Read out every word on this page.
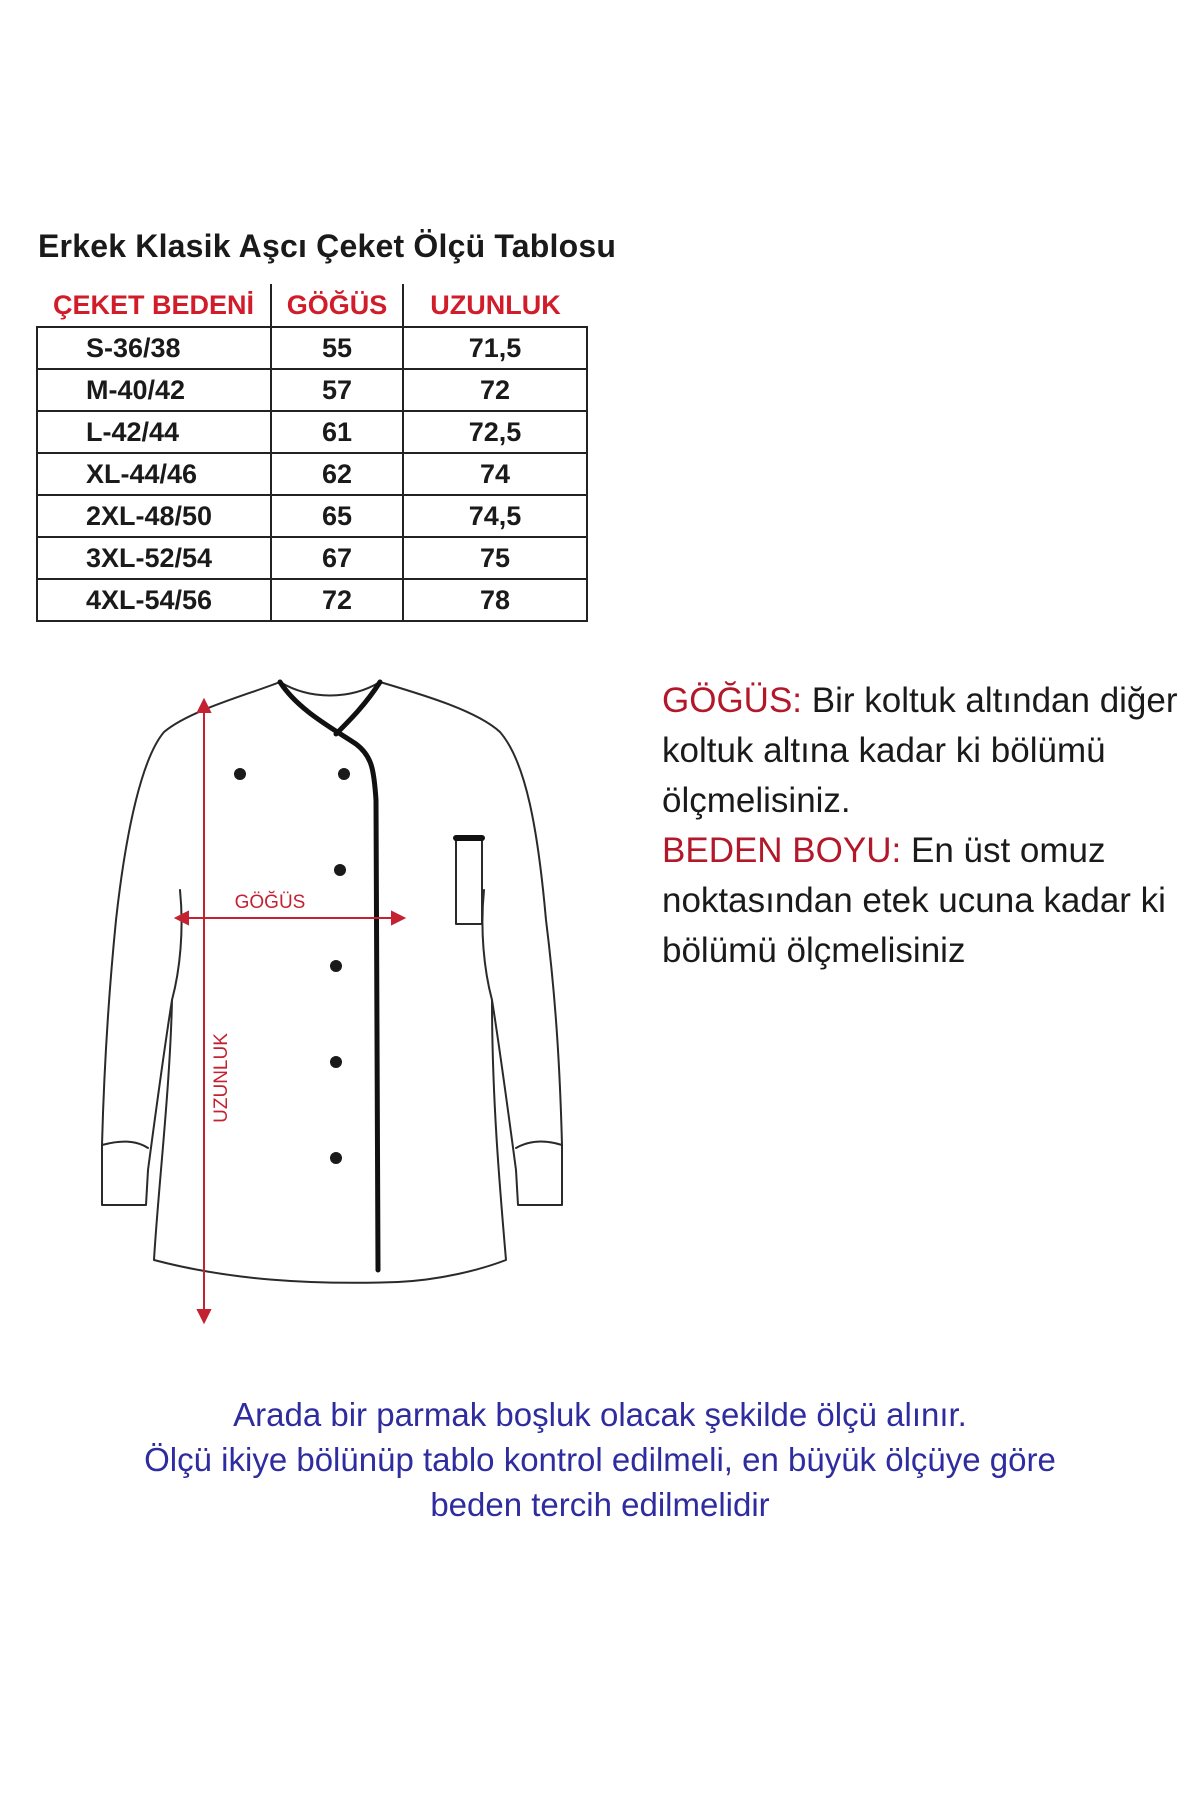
Erkek Klasik Aşcı Çeket Ölçü Tablosu
ÇEKET BEDENİ	GÖĞÜS	UZUNLUK
S-36/38	55	71,5
M-40/42	57	72
L-42/44	61	72,5
XL-44/46	62	74
2XL-48/50	65	74,5
3XL-52/54	67	75
4XL-54/56	72	78
GÖĞÜS
UZUNLUK

GÖĞÜS: Bir koltuk altından diğer koltuk altına kadar ki bölümü ölçmelisiniz.

BEDEN BOYU: En üst omuz noktasından etek ucuna kadar ki bölümü ölçmelisiniz

Arada bir parmak boşluk olacak şekilde ölçü alınır.

Ölçü ikiye bölünüp tablo kontrol edilmeli, en büyük ölçüye göre

beden tercih edilmelidir
